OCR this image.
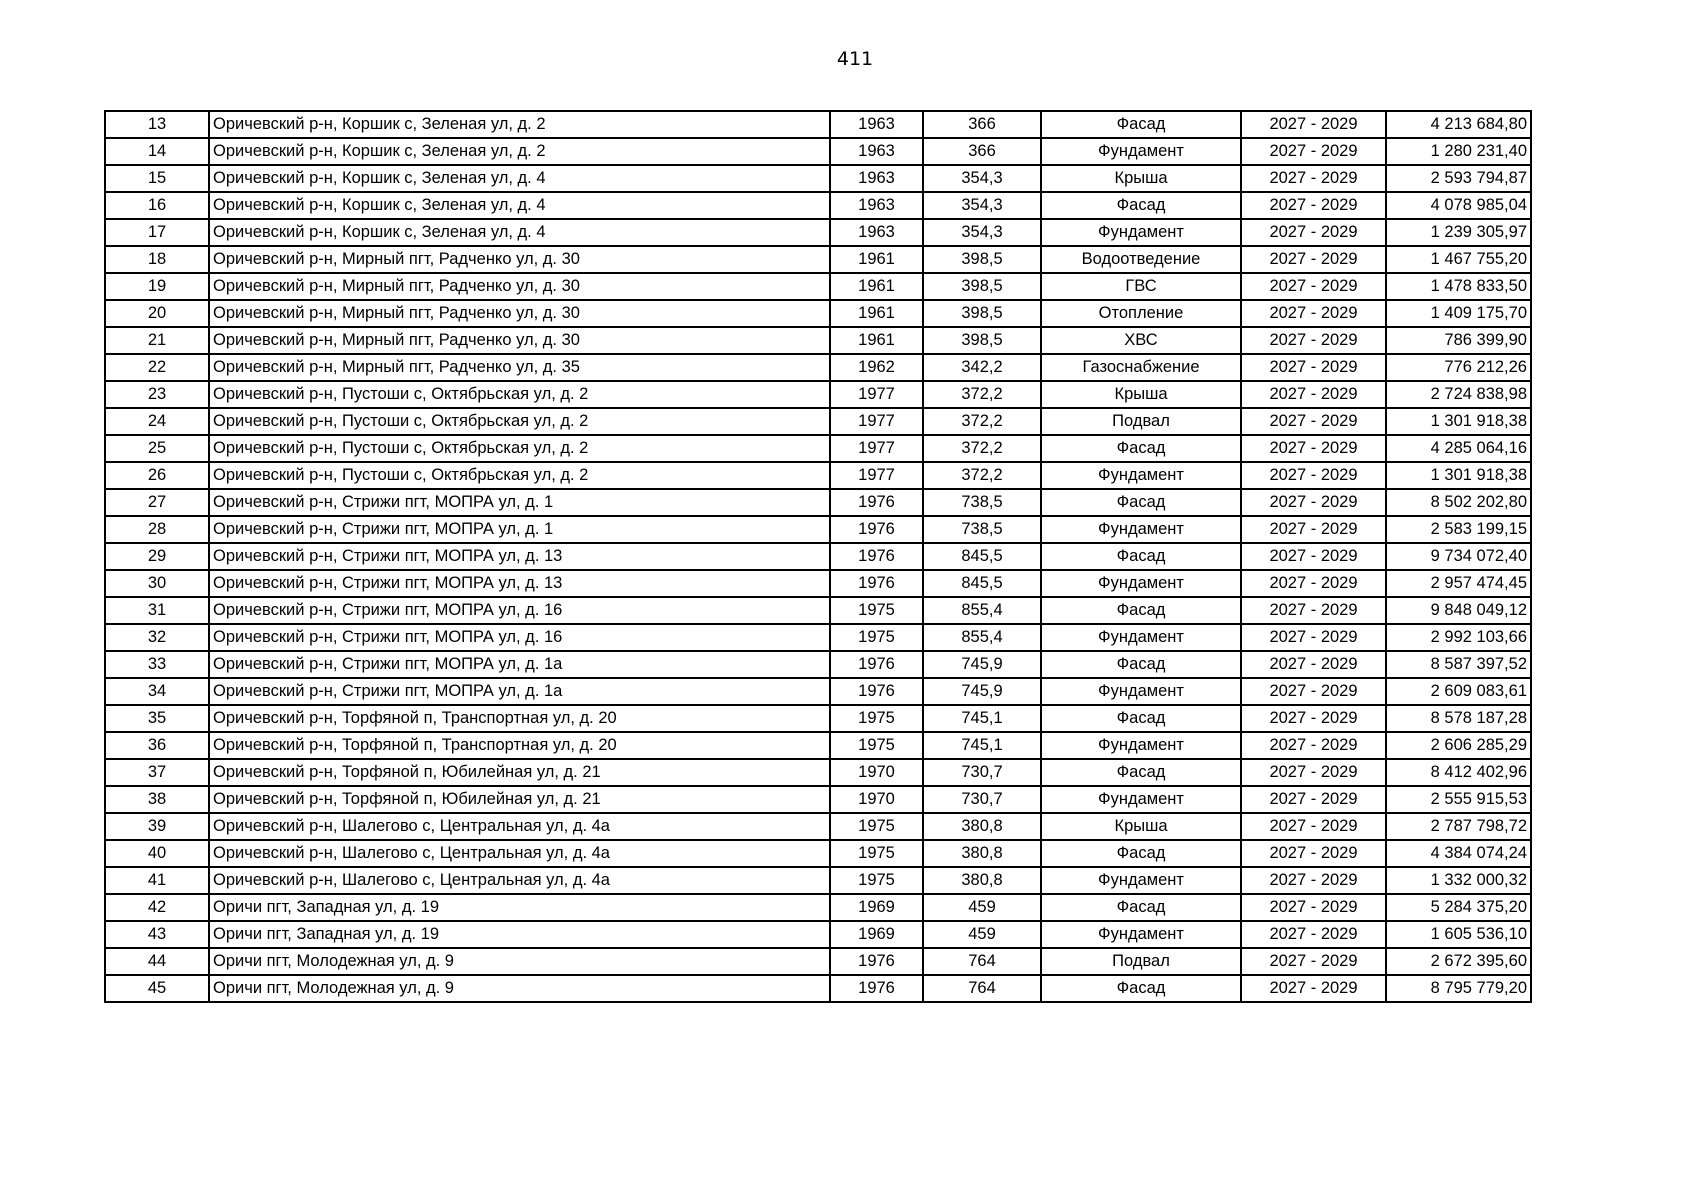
411
13	Оричевский р-н, Коршик с, Зеленая ул, д. 2	1963	366	Фасад	2027 - 2029	4 213 684,80
14	Оричевский р-н, Коршик с, Зеленая ул, д. 2	1963	366	Фундамент	2027 - 2029	1 280 231,40
15	Оричевский р-н, Коршик с, Зеленая ул, д. 4	1963	354,3	Крыша	2027 - 2029	2 593 794,87
16	Оричевский р-н, Коршик с, Зеленая ул, д. 4	1963	354,3	Фасад	2027 - 2029	4 078 985,04
17	Оричевский р-н, Коршик с, Зеленая ул, д. 4	1963	354,3	Фундамент	2027 - 2029	1 239 305,97
18	Оричевский р-н, Мирный пгт, Радченко ул, д. 30	1961	398,5	Водоотведение	2027 - 2029	1 467 755,20
19	Оричевский р-н, Мирный пгт, Радченко ул, д. 30	1961	398,5	ГВС	2027 - 2029	1 478 833,50
20	Оричевский р-н, Мирный пгт, Радченко ул, д. 30	1961	398,5	Отопление	2027 - 2029	1 409 175,70
21	Оричевский р-н, Мирный пгт, Радченко ул, д. 30	1961	398,5	ХВС	2027 - 2029	786 399,90
22	Оричевский р-н, Мирный пгт, Радченко ул, д. 35	1962	342,2	Газоснабжение	2027 - 2029	776 212,26
23	Оричевский р-н, Пустоши с, Октябрьская ул, д. 2	1977	372,2	Крыша	2027 - 2029	2 724 838,98
24	Оричевский р-н, Пустоши с, Октябрьская ул, д. 2	1977	372,2	Подвал	2027 - 2029	1 301 918,38
25	Оричевский р-н, Пустоши с, Октябрьская ул, д. 2	1977	372,2	Фасад	2027 - 2029	4 285 064,16
26	Оричевский р-н, Пустоши с, Октябрьская ул, д. 2	1977	372,2	Фундамент	2027 - 2029	1 301 918,38
27	Оричевский р-н, Стрижи пгт, МОПРА ул, д. 1	1976	738,5	Фасад	2027 - 2029	8 502 202,80
28	Оричевский р-н, Стрижи пгт, МОПРА ул, д. 1	1976	738,5	Фундамент	2027 - 2029	2 583 199,15
29	Оричевский р-н, Стрижи пгт, МОПРА ул, д. 13	1976	845,5	Фасад	2027 - 2029	9 734 072,40
30	Оричевский р-н, Стрижи пгт, МОПРА ул, д. 13	1976	845,5	Фундамент	2027 - 2029	2 957 474,45
31	Оричевский р-н, Стрижи пгт, МОПРА ул, д. 16	1975	855,4	Фасад	2027 - 2029	9 848 049,12
32	Оричевский р-н, Стрижи пгт, МОПРА ул, д. 16	1975	855,4	Фундамент	2027 - 2029	2 992 103,66
33	Оричевский р-н, Стрижи пгт, МОПРА ул, д. 1а	1976	745,9	Фасад	2027 - 2029	8 587 397,52
34	Оричевский р-н, Стрижи пгт, МОПРА ул, д. 1а	1976	745,9	Фундамент	2027 - 2029	2 609 083,61
35	Оричевский р-н, Торфяной п, Транспортная ул, д. 20	1975	745,1	Фасад	2027 - 2029	8 578 187,28
36	Оричевский р-н, Торфяной п, Транспортная ул, д. 20	1975	745,1	Фундамент	2027 - 2029	2 606 285,29
37	Оричевский р-н, Торфяной п, Юбилейная ул, д. 21	1970	730,7	Фасад	2027 - 2029	8 412 402,96
38	Оричевский р-н, Торфяной п, Юбилейная ул, д. 21	1970	730,7	Фундамент	2027 - 2029	2 555 915,53
39	Оричевский р-н, Шалегово с, Центральная ул, д. 4а	1975	380,8	Крыша	2027 - 2029	2 787 798,72
40	Оричевский р-н, Шалегово с, Центральная ул, д. 4а	1975	380,8	Фасад	2027 - 2029	4 384 074,24
41	Оричевский р-н, Шалегово с, Центральная ул, д. 4а	1975	380,8	Фундамент	2027 - 2029	1 332 000,32
42	Оричи пгт, Западная ул, д. 19	1969	459	Фасад	2027 - 2029	5 284 375,20
43	Оричи пгт, Западная ул, д. 19	1969	459	Фундамент	2027 - 2029	1 605 536,10
44	Оричи пгт, Молодежная ул, д. 9	1976	764	Подвал	2027 - 2029	2 672 395,60
45	Оричи пгт, Молодежная ул, д. 9	1976	764	Фасад	2027 - 2029	8 795 779,20
